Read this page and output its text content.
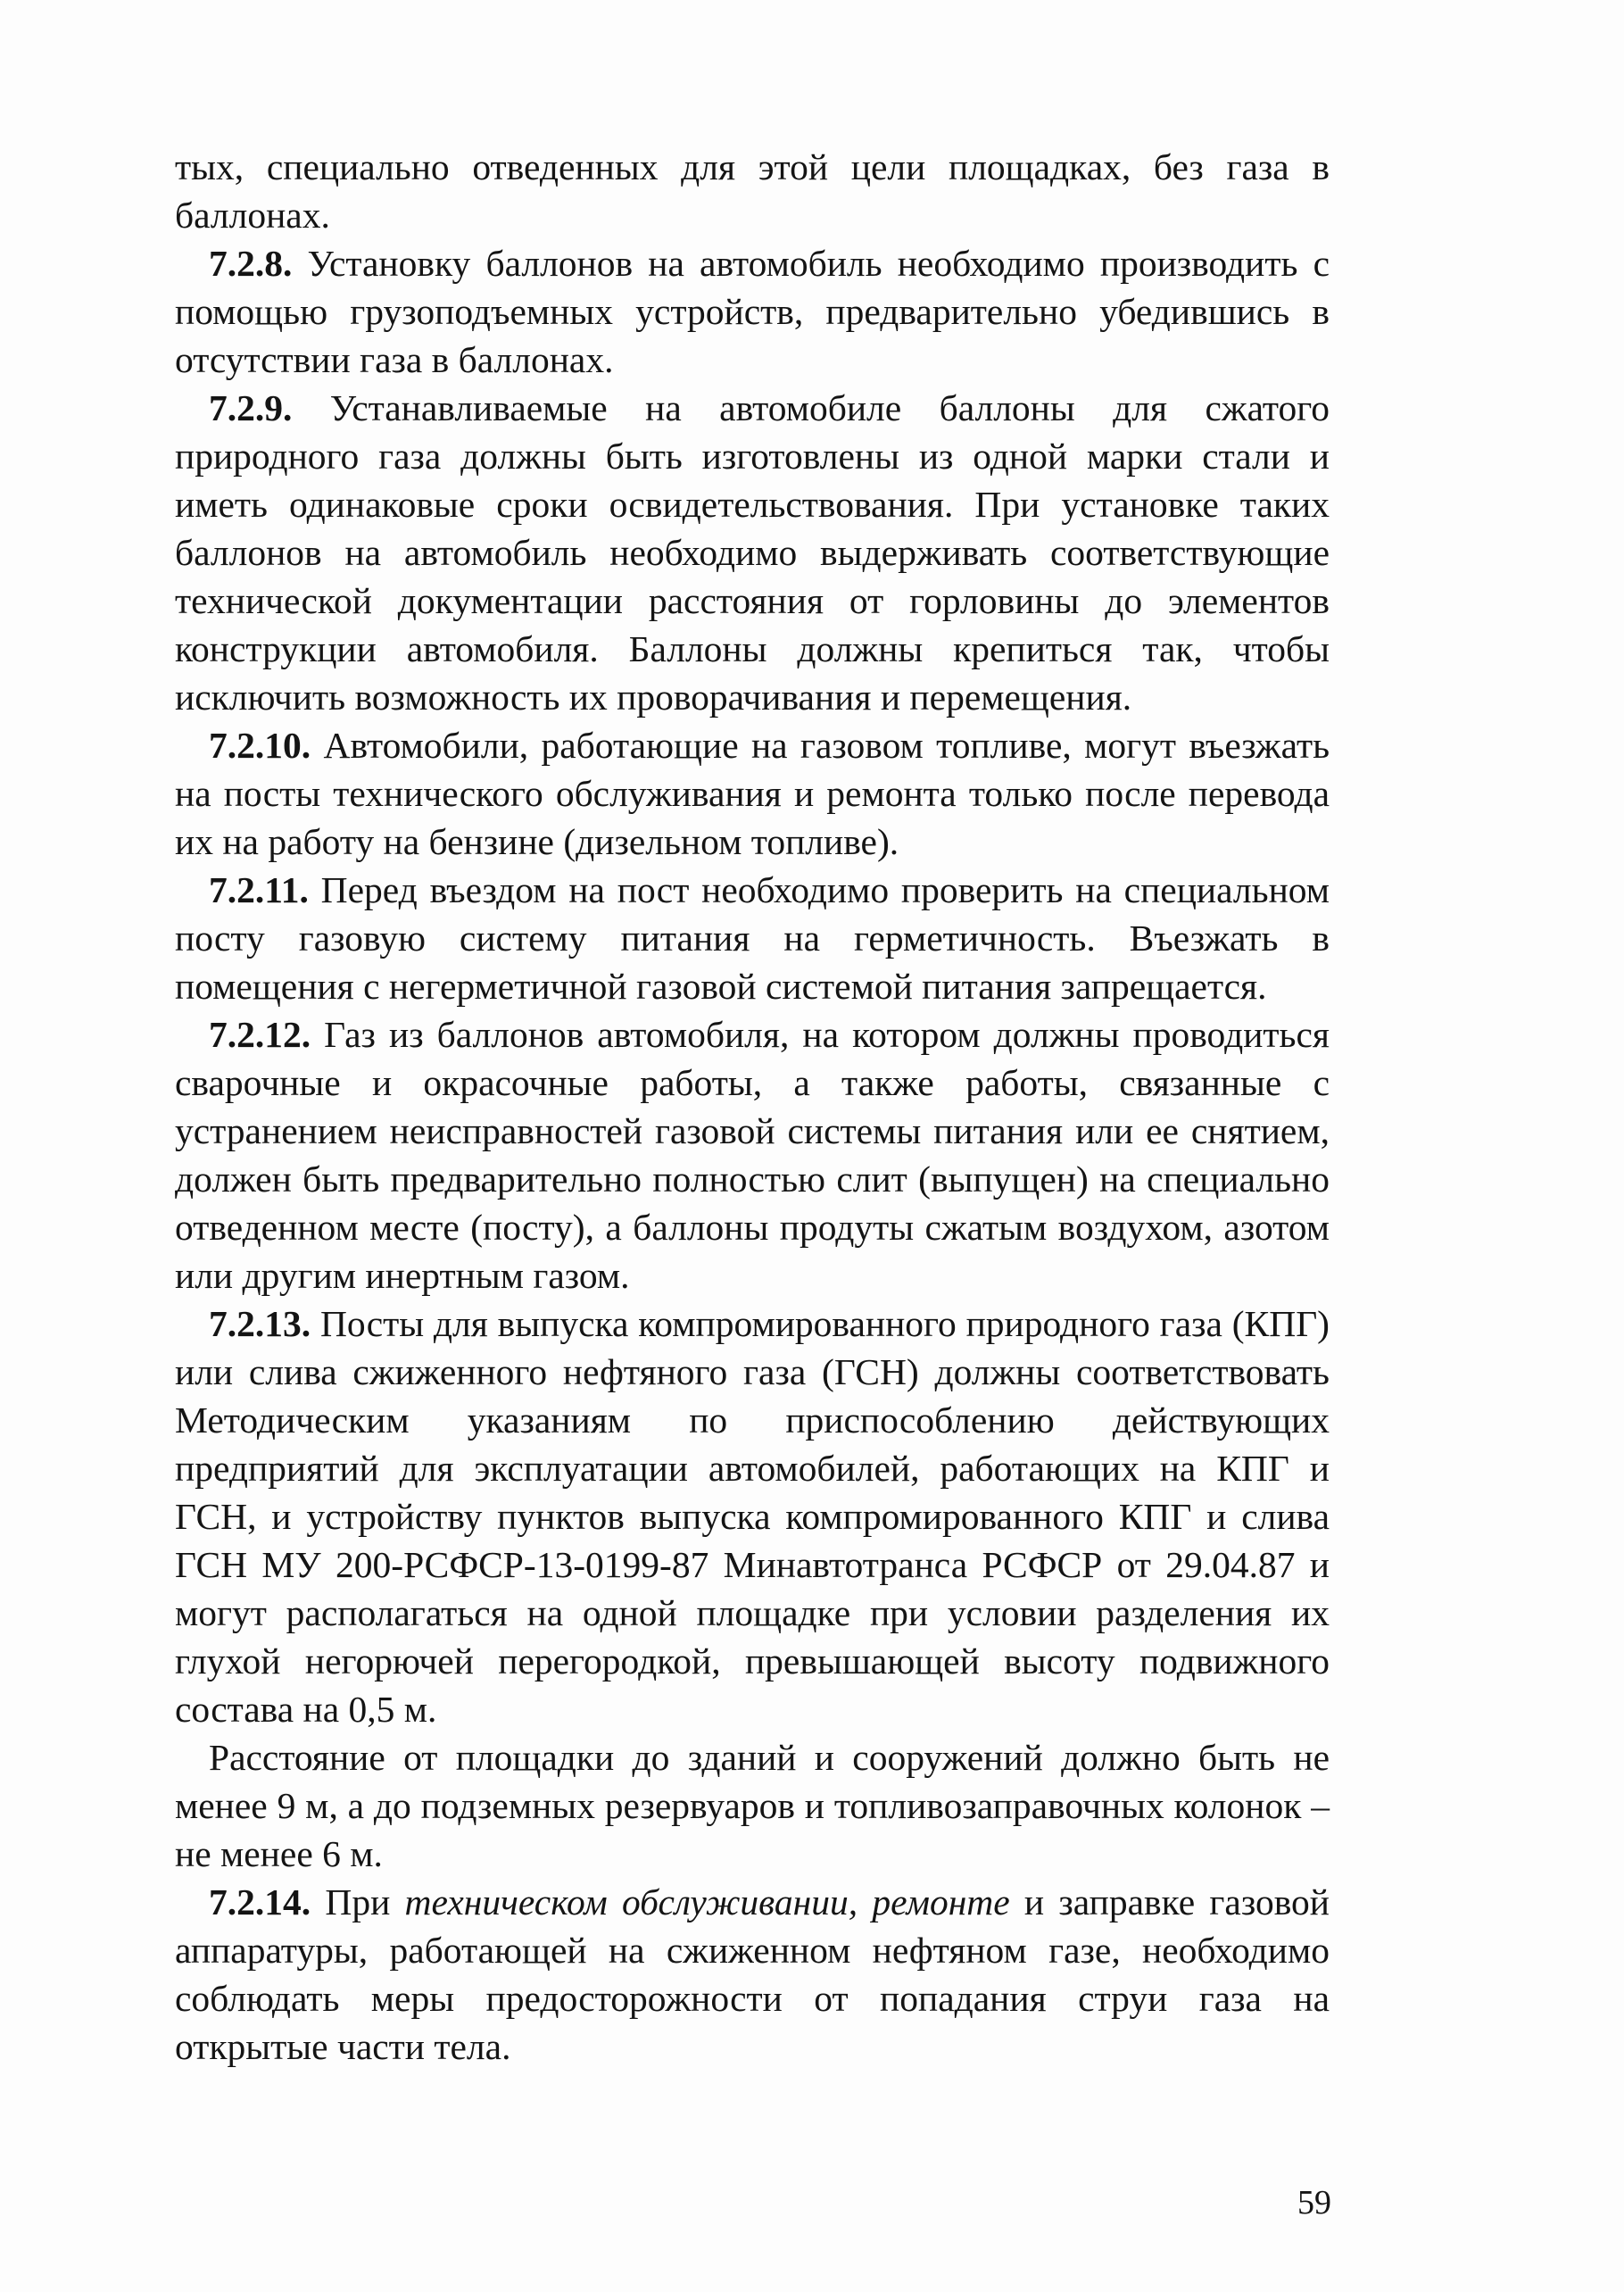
тых, специально отведенных для этой цели площадках, без газа в баллонах.

7.2.8. Установку баллонов на автомобиль необходимо производить с помощью грузоподъемных устройств, предварительно убедившись в отсутствии газа в баллонах.

7.2.9. Устанавливаемые на автомобиле баллоны для сжатого природного газа должны быть изготовлены из одной марки стали и иметь одинаковые сроки освидетельствования. При установке таких баллонов на автомобиль необходимо выдерживать соответствующие технической документации расстояния от горловины до элементов конструкции автомобиля. Баллоны должны крепиться так, чтобы исключить возможность их проворачивания и перемещения.

7.2.10. Автомобили, работающие на газовом топливе, могут въезжать на посты технического обслуживания и ремонта только после перевода их на работу на бензине (дизельном топливе).

7.2.11. Перед въездом на пост необходимо проверить на специальном посту газовую систему питания на герметичность. Въезжать в помещения с негерметичной газовой системой питания запрещается.

7.2.12. Газ из баллонов автомобиля, на котором должны проводиться сварочные и окрасочные работы, а также работы, связанные с устранением неисправностей газовой системы питания или ее снятием, должен быть предварительно полностью слит (выпущен) на специально отведенном месте (посту), а баллоны продуты сжатым воздухом, азотом или другим инертным газом.

7.2.13. Посты для выпуска компромированного природного газа (КПГ) или слива сжиженного нефтяного газа (ГСН) должны соответствовать Методическим указаниям по приспособлению действующих предприятий для эксплуатации автомобилей, работающих на КПГ и ГСН, и устройству пунктов выпуска компромированного КПГ и слива ГСН МУ 200-РСФСР-13-0199-87 Минавтотранса РСФСР от 29.04.87 и могут располагаться на одной площадке при условии разделения их глухой негорючей перегородкой, превышающей высоту подвижного состава на 0,5 м.

Расстояние от площадки до зданий и сооружений должно быть не менее 9 м, а до подземных резервуаров и топливозаправочных колонок – не менее 6 м.

7.2.14. При техническом обслуживании, ремонте и заправке газовой аппаратуры, работающей на сжиженном нефтяном газе, необходимо соблюдать меры предосторожности от попадания струи газа на открытые части тела.

59
